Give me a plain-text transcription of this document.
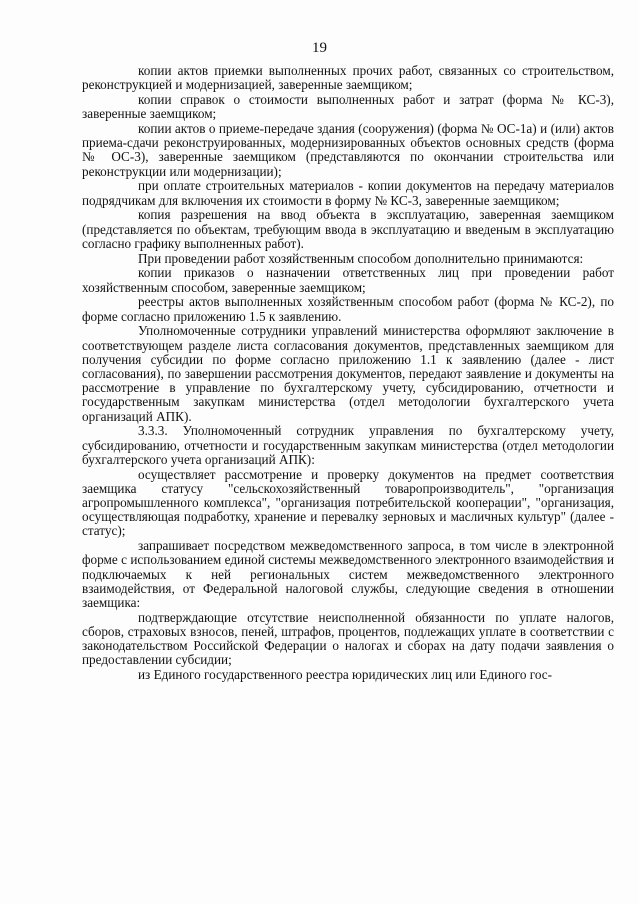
19

копии актов приемки выполненных прочих работ, связанных со строительством, реконструкцией и модернизацией, заверенные заемщиком;

копии справок о стоимости выполненных работ и затрат (форма № КС-3), заверенные заемщиком;

копии актов о приеме-передаче здания (сооружения) (форма № ОС-1а) и (или) актов приема-сдачи реконструированных, модернизированных объектов основных средств (форма № ОС-3), заверенные заемщиком (представляются по окончании строительства или реконструкции или модернизации);

при оплате строительных материалов - копии документов на передачу материалов подрядчикам для включения их стоимости в форму № КС-3, заверенные заемщиком;

копия разрешения на ввод объекта в эксплуатацию, заверенная заемщиком (представляется по объектам, требующим ввода в эксплуатацию и введеным в эксплуатацию согласно графику выполненных работ).

При проведении работ хозяйственным способом дополнительно принимаются:

копии приказов о назначении ответственных лиц при проведении работ хозяйственным способом, заверенные заемщиком;

реестры актов выполненных хозяйственным способом работ (форма № КС-2), по форме согласно приложению 1.5 к заявлению.

Уполномоченные сотрудники управлений министерства оформляют заключение в соответствующем разделе листа согласования документов, представленных заемщиком для получения субсидии по форме согласно приложению 1.1 к заявлению (далее - лист согласования), по завершении рассмотрения документов, передают заявление и документы на рассмотрение в управление по бухгалтерскому учету, субсидированию, отчетности и государственным закупкам министерства (отдел методологии бухгалтерского учета организаций АПК).

3.3.3. Уполномоченный сотрудник управления по бухгалтерскому учету, субсидированию, отчетности и государственным закупкам министерства (отдел методологии бухгалтерского учета организаций АПК):

осуществляет рассмотрение и проверку документов на предмет соответствия заемщика статусу "сельскохозяйственный товаропроизводитель", "организация агропромышленного комплекса", "организация потребительской кооперации", "организация, осуществляющая подработку, хранение и перевалку зерновых и масличных культур" (далее - статус);

запрашивает посредством межведомственного запроса, в том числе в электронной форме с использованием единой системы межведомственного электронного взаимодействия и подключаемых к ней региональных систем межведомственного электронного взаимодействия, от Федеральной налоговой службы, следующие сведения в отношении заемщика:

подтверждающие отсутствие неисполненной обязанности по уплате налогов, сборов, страховых взносов, пеней, штрафов, процентов, подлежащих уплате в соответствии с законодательством Российской Федерации о налогах и сборах на дату подачи заявления о предоставлении субсидии;

из Единого государственного реестра юридических лиц или Единого гос-
